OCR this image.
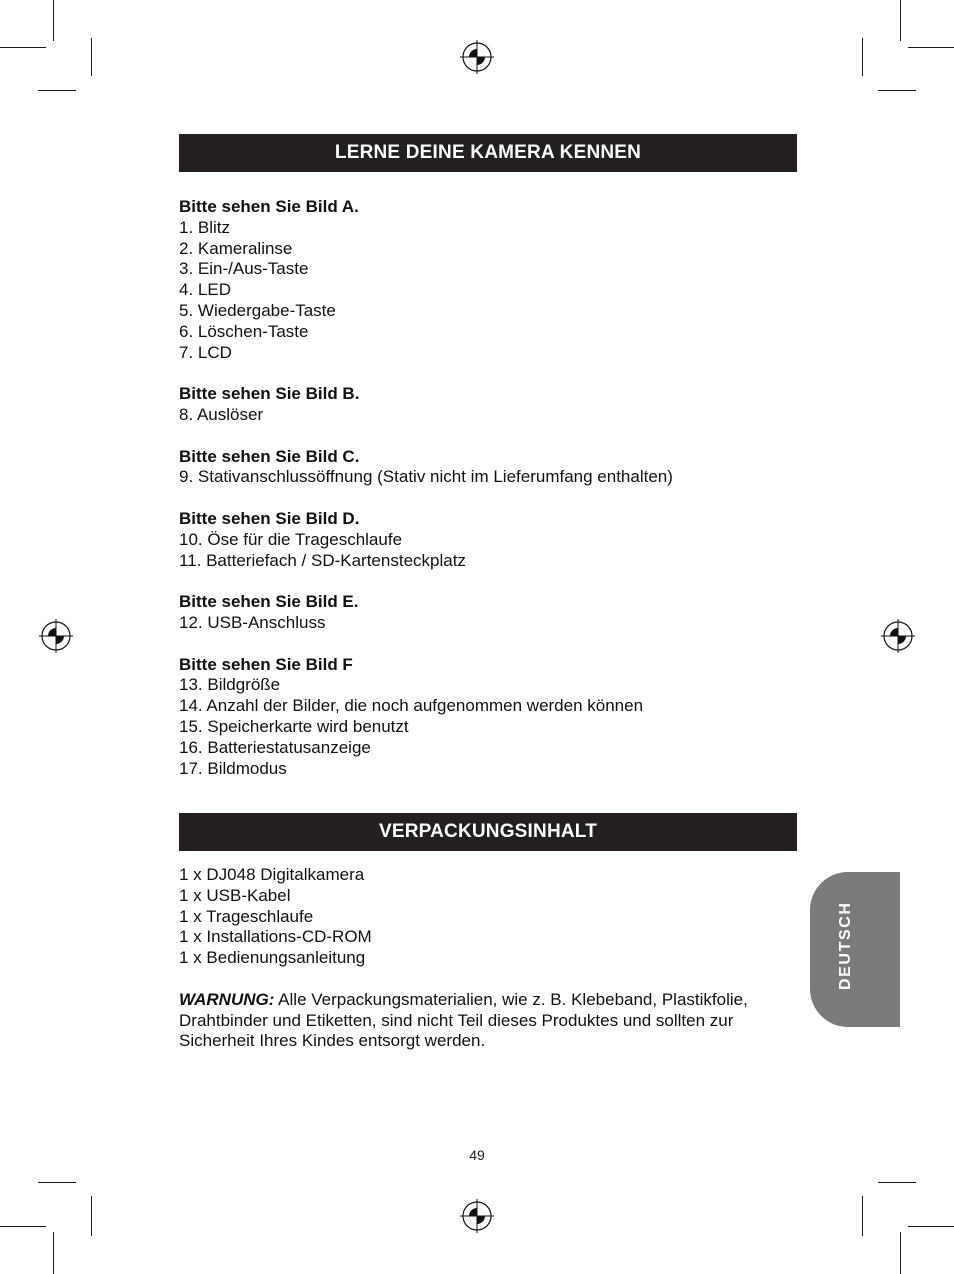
LERNE DEINE KAMERA KENNEN
Bitte sehen Sie Bild A.
1. Blitz
2. Kameralinse
3. Ein-/Aus-Taste
4. LED
5. Wiedergabe-Taste
6. Löschen-Taste
7. LCD
Bitte sehen Sie Bild B.
8. Auslöser
Bitte sehen Sie Bild C.
9. Stativanschlussöffnung (Stativ nicht im Lieferumfang enthalten)
Bitte sehen Sie Bild D.
10. Öse für die Trageschlaufe
11. Batteriefach / SD-Kartensteckplatz
Bitte sehen Sie Bild E.
12. USB-Anschluss
Bitte sehen Sie Bild F
13. Bildgröße
14. Anzahl der Bilder, die noch aufgenommen werden können
15. Speicherkarte wird benutzt
16. Batteriestatusanzeige
17. Bildmodus
VERPACKUNGSINHALT
1 x DJ048 Digitalkamera
1 x USB-Kabel
1 x Trageschlaufe
1 x Installations-CD-ROM
1 x Bedienungsanleitung
WARNUNG: Alle Verpackungsmaterialien, wie z. B. Klebeband, Plastikfolie, Drahtbinder und Etiketten, sind nicht Teil dieses Produktes und sollten zur Sicherheit Ihres Kindes entsorgt werden.
DEUTSCH
49
